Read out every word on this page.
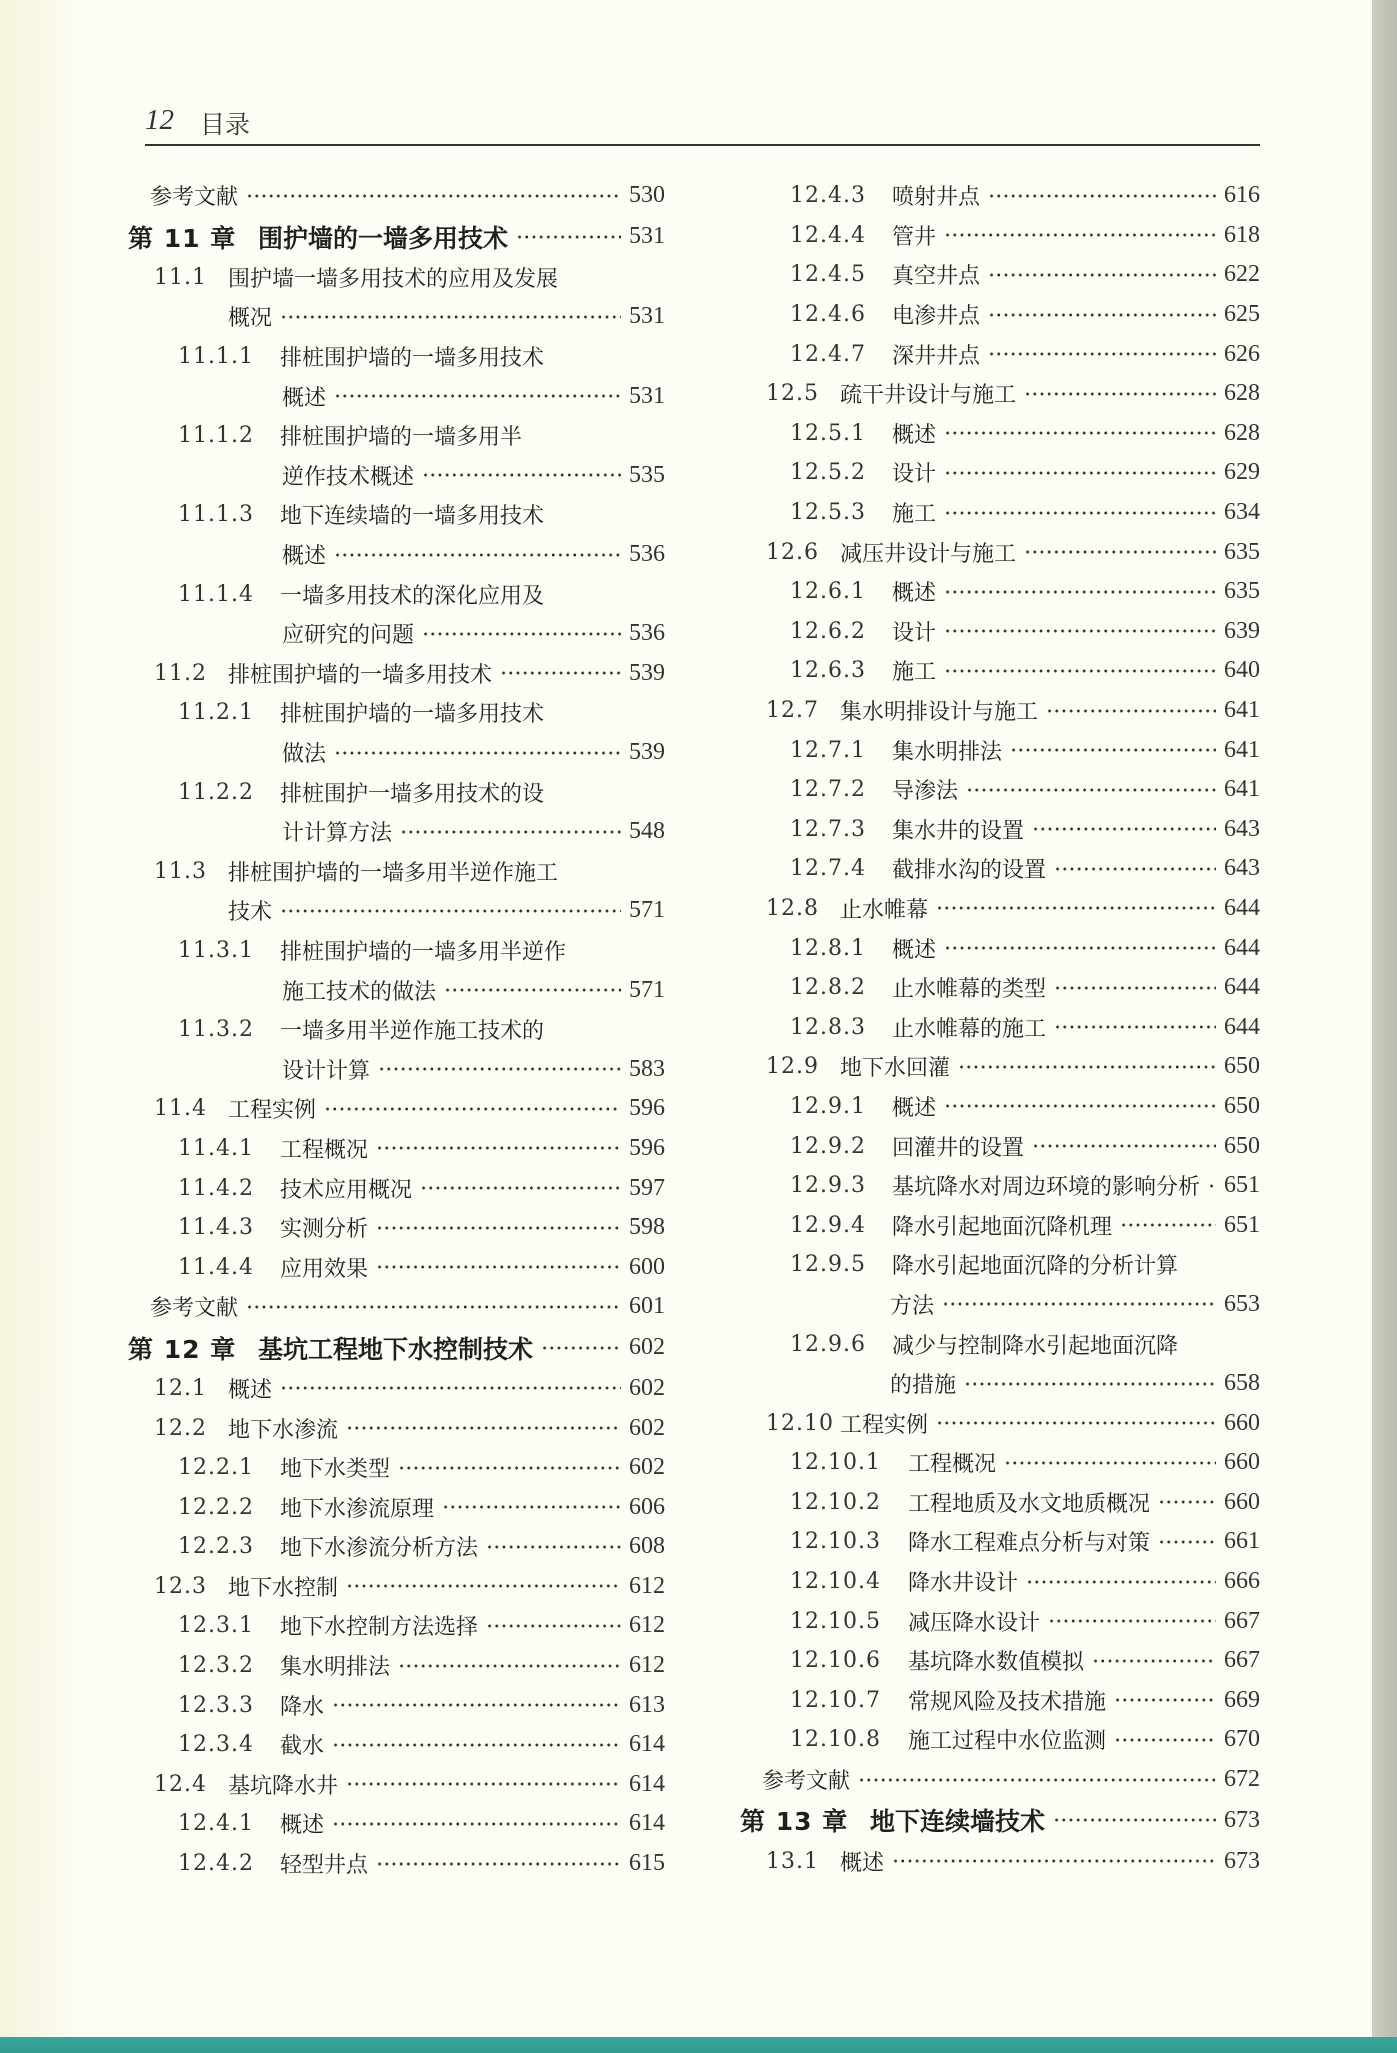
12 目录
参考文献	530
第 11 章 围护墙的一墙多用技术	531
11.1 围护墙一墙多用技术的应用及发展
概况	531
11.1.1	排桩围护墙的一墙多用技术
概述	531
11.1.2	排桩围护墙的一墙多用半
逆作技术概述	535
11.1.3	地下连续墙的一墙多用技术
概述	536
11.1.4	一墙多用技术的深化应用及
应研究的问题	536
11.2 排桩围护墙的一墙多用技术	539
11.2.1	排桩围护墙的一墙多用技术
做法	539
11.2.2	排桩围护一墙多用技术的设
计计算方法	548
11.3 排桩围护墙的一墙多用半逆作施工
技术	571
11.3.1	排桩围护墙的一墙多用半逆作
施工技术的做法	571
11.3.2	一墙多用半逆作施工技术的
设计计算	583
11.4 工程实例	596
11.4.1	工程概况	596
11.4.2	技术应用概况	597
11.4.3	实测分析	598
11.4.4	应用效果	600
参考文献	601
第 12 章 基坑工程地下水控制技术	602
12.1 概述	602
12.2 地下水渗流	602
12.2.1	地下水类型	602
12.2.2	地下水渗流原理	606
12.2.3	地下水渗流分析方法	608
12.3 地下水控制	612
12.3.1	地下水控制方法选择	612
12.3.2	集水明排法	612
12.3.3	降水	613
12.3.4	截水	614
12.4 基坑降水井	614
12.4.1	概述	614
12.4.2	轻型井点	615
12.4.3	喷射井点	616
12.4.4	管井	618
12.4.5	真空井点	622
12.4.6	电渗井点	625
12.4.7	深井井点	626
12.5 疏干井设计与施工	628
12.5.1	概述	628
12.5.2	设计	629
12.5.3	施工	634
12.6 减压井设计与施工	635
12.6.1	概述	635
12.6.2	设计	639
12.6.3	施工	640
12.7 集水明排设计与施工	641
12.7.1	集水明排法	641
12.7.2	导渗法	641
12.7.3	集水井的设置	643
12.7.4	截排水沟的设置	643
12.8 止水帷幕	644
12.8.1	概述	644
12.8.2	止水帷幕的类型	644
12.8.3	止水帷幕的施工	644
12.9 地下水回灌	650
12.9.1	概述	650
12.9.2	回灌井的设置	650
12.9.3	基坑降水对周边环境的影响分析 651
12.9.4	降水引起地面沉降机理	651
12.9.5	降水引起地面沉降的分析计算
方法	653
12.9.6	减少与控制降水引起地面沉降
的措施	658
12.10 工程实例	660
12.10.1	工程概况	660
12.10.2	工程地质及水文地质概况	660
12.10.3	降水工程难点分析与对策	661
12.10.4	降水井设计	666
12.10.5	减压降水设计	667
12.10.6	基坑降水数值模拟	667
12.10.7	常规风险及技术措施	669
12.10.8	施工过程中水位监测	670
参考文献	672
第 13 章 地下连续墙技术	673
13.1 概述	673
